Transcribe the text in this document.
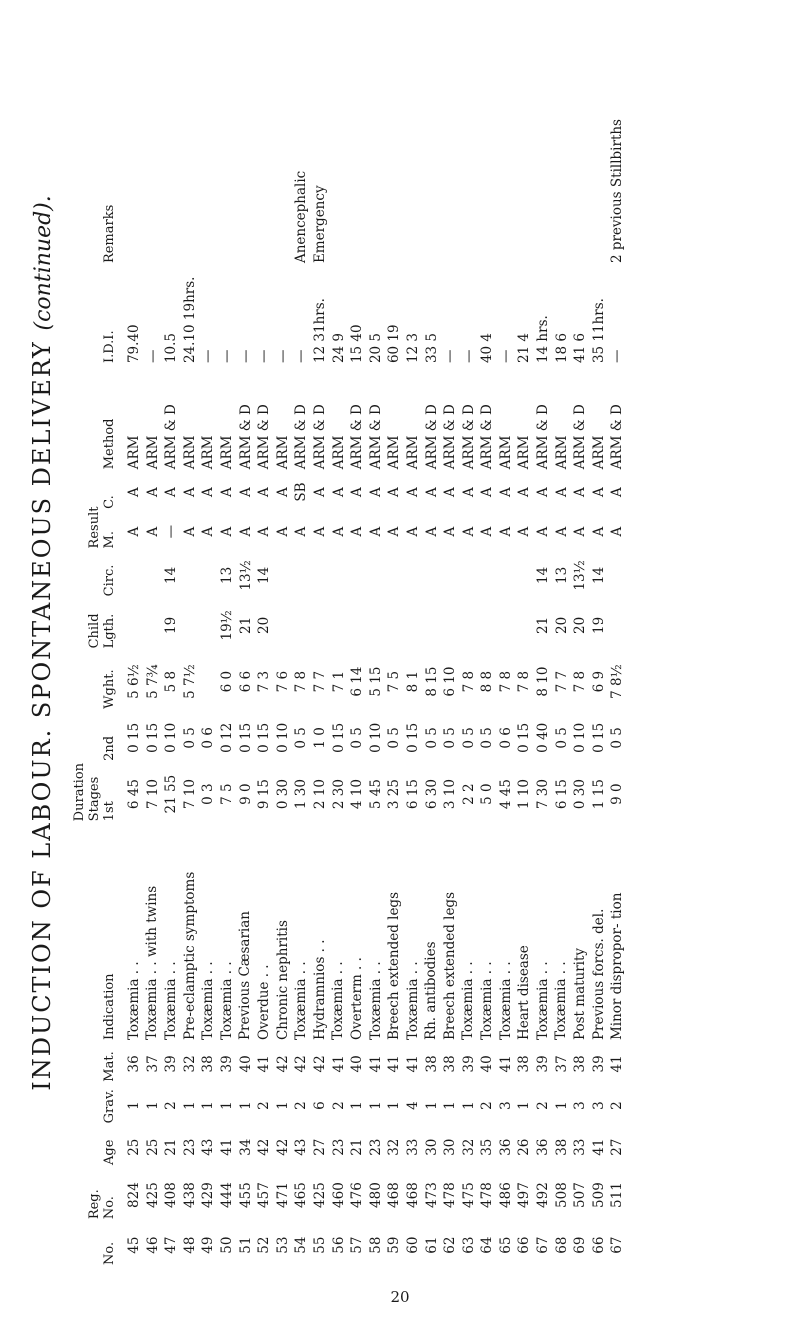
INDUCTION OF LABOUR. SPONTANEOUS DELIVERY (continued).
No.	Reg. No.	Age	Grav.	Mat.	Indication	Duration Stages 1st	2nd	Wght.	Child Lgth.	Circ.	Result M.	C.	Method	I.D.I.	Remarks
45	824	25	1	36	Toxæmia . .	6 45	0 15	5 6½			A	A	ARM	79.40	
46	425	25	1	37	Toxæmia . . with twins	7 10	0 15	5 7¾			A	A	ARM	—	
47	408	21	2	39	Toxæmia . .	21 55	0 10	5 8	19	14	—	A	ARM & D	10.5	
48	438	23	1	32	Pre-eclamptic symptoms	7 10	0 5	5 7½			A	A	ARM	24.10 19hrs.	
49	429	43	1	38	Toxæmia . .	0 3	0 6				A	A	ARM	—	
50	444	41	1	39	Toxæmia . .	7 5	0 12	6 0	19½	13	A	A	ARM	—	
51	455	34	1	40	Previous Cæsarian	9 0	0 15	6 6	21	13½	A	A	ARM & D	—	
52	457	42	2	41	Overdue . .	9 15	0 15	7 3	20	14	A	A	ARM & D	—	
53	471	42	1	42	Chronic nephritis	0 30	0 10	7 6			A	A	ARM	—	
54	465	43	2	42	Toxæmia . .	1 30	0 5	7 8			A	SB	ARM & D	—	Anencephalic
55	425	27	6	42	Hydramnios . .	2 10	1 0	7 7			A	A	ARM & D	12 31hrs.	Emergency
56	460	23	2	41	Toxæmia . .	2 30	0 15	7 1			A	A	ARM	24 9	
57	476	21	1	40	Overterm . .	4 10	0 5	6 14			A	A	ARM & D	15 40	
58	480	23	1	41	Toxæmia . .	5 45	0 10	5 15			A	A	ARM & D	20 5	
59	468	32	1	41	Breech extended legs	3 25	0 5	7 5			A	A	ARM	60 19	
60	468	33	4	41	Toxæmia . .	6 15	0 15	8 1			A	A	ARM	12 3	
61	473	30	1	38	Rh. antibodies	6 30	0 5	8 15			A	A	ARM & D	33 5	
62	478	30	1	38	Breech extended legs	3 10	0 5	6 10			A	A	ARM & D	—	
63	475	32	1	39	Toxæmia . .	2 2	0 5	7 8			A	A	ARM & D	—	
64	478	35	2	40	Toxæmia . .	5 0	0 5	8 8			A	A	ARM & D	40 4	
65	486	36	3	41	Toxæmia . .	4 45	0 6	7 8			A	A	ARM	—	
66	497	26	1	38	Heart disease	1 10	0 15	7 8			A	A	ARM	21 4	
67	492	36	2	39	Toxæmia . .	7 30	0 40	8 10	21	14	A	A	ARM & D	14 hrs.	
68	508	38	1	37	Toxæmia . .	6 15	0 5	7 7	20	13	A	A	ARM	18 6	
69	507	33	3	38	Post maturity	0 30	0 10	7 8	20	13½	A	A	ARM & D	41 6	
66	509	41	3	39	Previous forcs. del.	1 15	0 15	6 9	19	14	A	A	ARM	35 11hrs.	
67	511	27	2	41	Minor dispropor- tion	9 0	0 5	7 8½			A	A	ARM & D	—	2 previous Stillbirths
20
